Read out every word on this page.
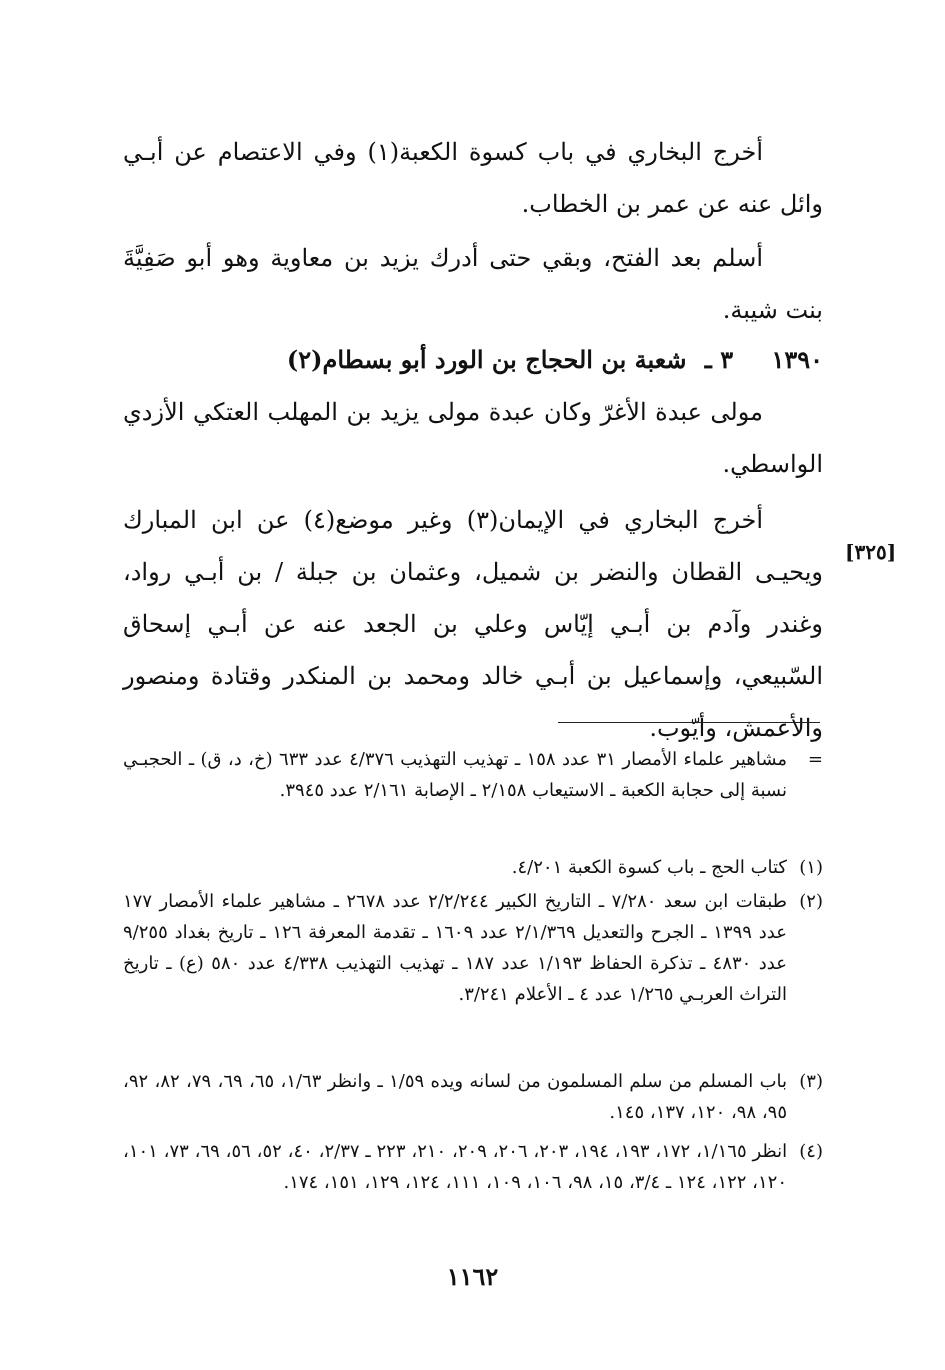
أخرج البخاري في باب كسوة الكعبة(١) وفي الاعتصام عن أبـي وائل عنه عن عمر بن الخطاب.
أسلم بعد الفتح، وبقي حتى أدرك يزيد بن معاوية وهو أبو صَفِيَّةَ بنت شيبة.
١٣٩٠ ٣ ـ شعبة بن الحجاج بن الورد أبو بسطام(٢)
مولى عبدة الأغرّ وكان عبدة مولى يزيد بن المهلب العتكي الأزدي الواسطي.
أخرج البخاري في الإيمان(٣) وغير موضع(٤) عن ابن المبارك ويحيـى القطان والنضر بن شميل، وعثمان بن جبلة / بن أبـي رواد، وغندر وآدم بن أبـي إيّاس وعلي بن الجعد عنه عن أبـي إسحاق السّبيعي، وإسماعيل بن أبـي خالد ومحمد بن المنكدر وقتادة ومنصور والأعمش، وأيّوب.
[٣٢٥]
=
مشاهير علماء الأمصار ٣١ عدد ١٥٨ ـ تهذيب التهذيب ٤/٣٧٦ عدد ٦٣٣ (خ، د، ق) ـ الحجبـي نسبة إلى حجابة الكعبة ـ الاستيعاب ٢/١٥٨ ـ الإصابة ٢/١٦١ عدد ٣٩٤٥.
(١)
كتاب الحج ـ باب كسوة الكعبة ٤/٢٠١.
(٢)
طبقات ابن سعد ٧/٢٨٠ ـ التاريخ الكبير ٢/٢/٢٤٤ عدد ٢٦٧٨ ـ مشاهير علماء الأمصار ١٧٧ عدد ١٣٩٩ ـ الجرح والتعديل ٢/١/٣٦٩ عدد ١٦٠٩ ـ تقدمة المعرفة ١٢٦ ـ تاريخ بغداد ٩/٢٥٥ عدد ٤٨٣٠ ـ تذكرة الحفاظ ١/١٩٣ عدد ١٨٧ ـ تهذيب التهذيب ٤/٣٣٨ عدد ٥٨٠ (ع) ـ تاريخ التراث العربـي ١/٢٦٥ عدد ٤ ـ الأعلام ٣/٢٤١.
(٣)
باب المسلم من سلم المسلمون من لسانه ويده ١/٥٩ ـ وانظر ١/٦٣، ٦٥، ٦٩، ٧٩، ٨٢، ٩٢، ٩٥، ٩٨، ١٢٠، ١٣٧، ١٤٥.
(٤)
انظر ١/١٦٥، ١٧٢، ١٩٣، ١٩٤، ٢٠٣، ٢٠٦، ٢٠٩، ٢١٠، ٢٢٣ ـ ٢/٣٧، ٤٠، ٥٢، ٥٦، ٦٩، ٧٣، ١٠١، ١٢٠، ١٢٢، ١٢٤ ـ ٣/٤، ١٥، ٩٨، ١٠٦، ١٠٩، ١١١، ١٢٤، ١٢٩، ١٥١، ١٧٤.
١١٦٢
